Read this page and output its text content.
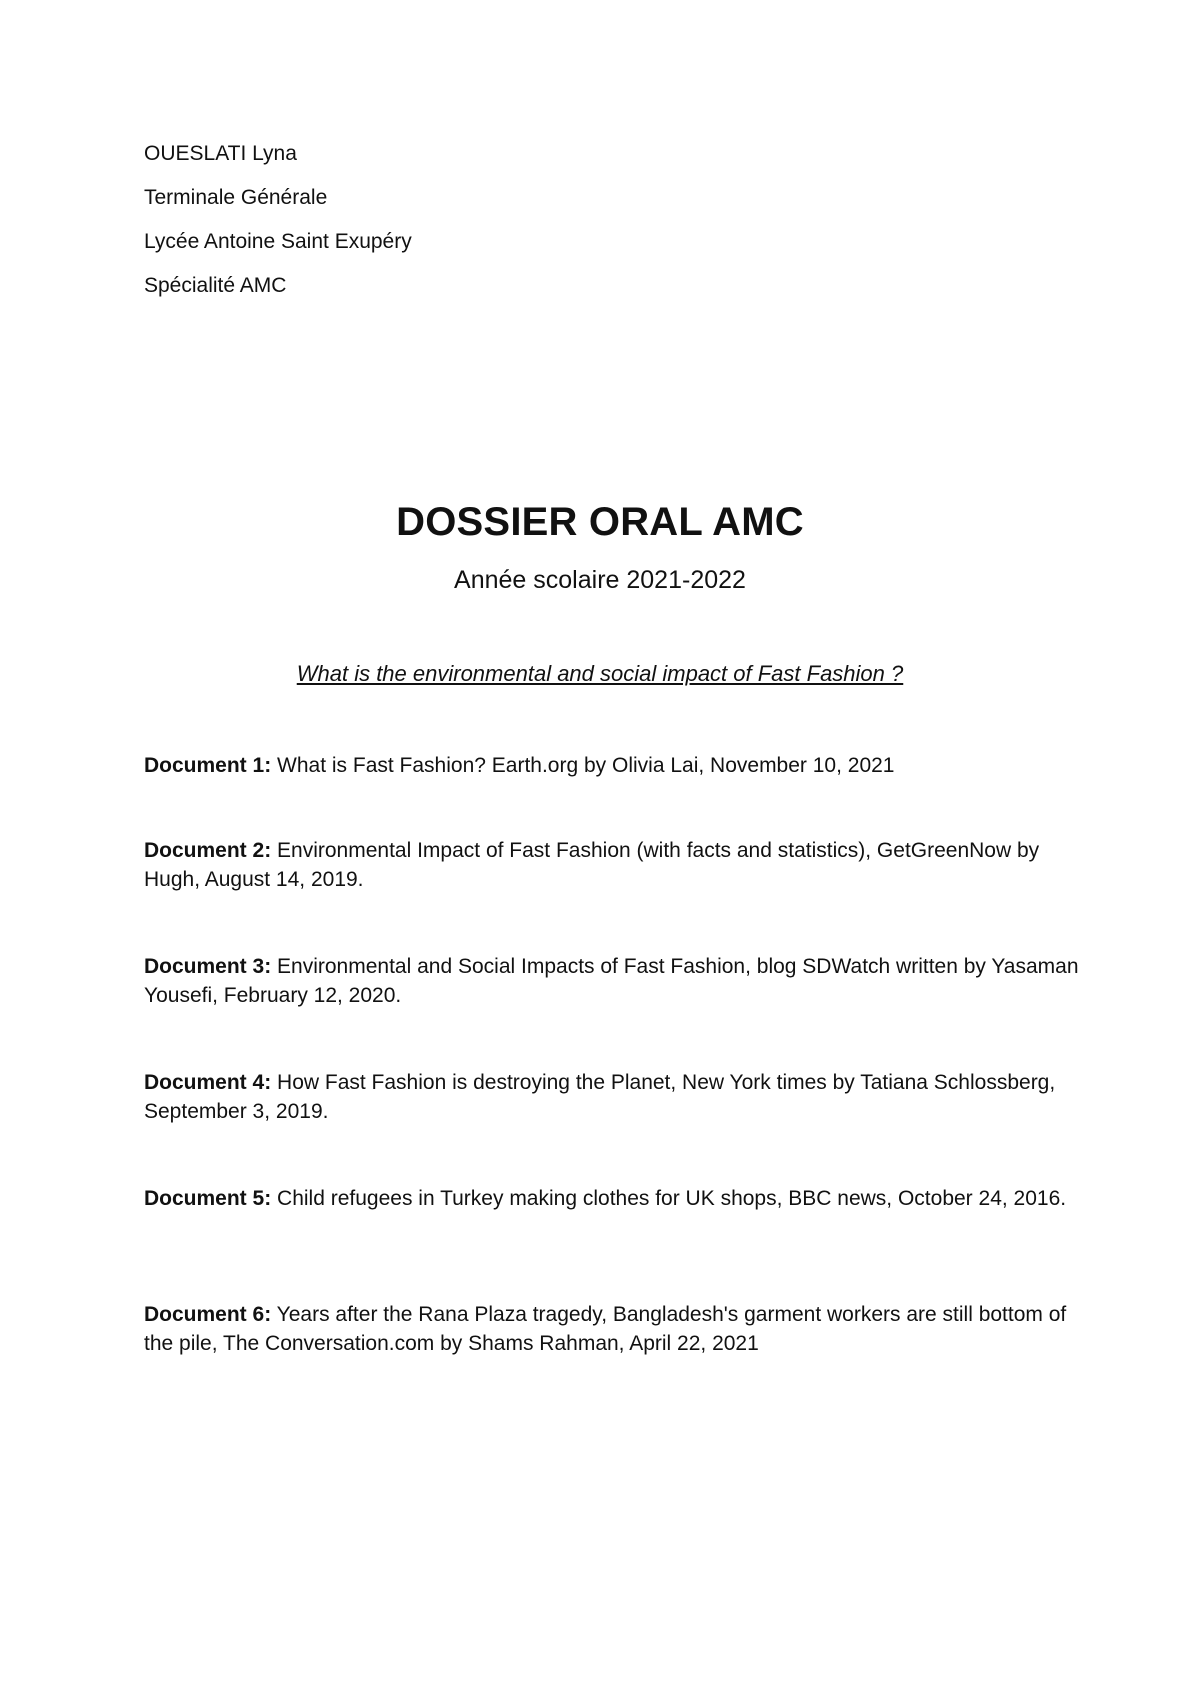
OUESLATI Lyna
Terminale Générale
Lycée Antoine Saint Exupéry
Spécialité AMC
DOSSIER ORAL AMC
Année scolaire 2021-2022
What is the environmental and social impact of Fast Fashion ?
Document 1: What is Fast Fashion? Earth.org by Olivia Lai, November 10, 2021
Document 2: Environmental Impact of Fast Fashion (with facts and statistics), GetGreenNow by Hugh, August 14, 2019.
Document 3: Environmental and Social Impacts of Fast Fashion, blog SDWatch written by Yasaman Yousefi, February 12, 2020.
Document 4: How Fast Fashion is destroying the Planet, New York times by Tatiana Schlossberg, September 3, 2019.
Document 5: Child refugees in Turkey making clothes for UK shops, BBC news, October 24, 2016.
Document 6: Years after the Rana Plaza tragedy, Bangladesh's garment workers are still bottom of the pile, The Conversation.com by Shams Rahman, April 22, 2021
